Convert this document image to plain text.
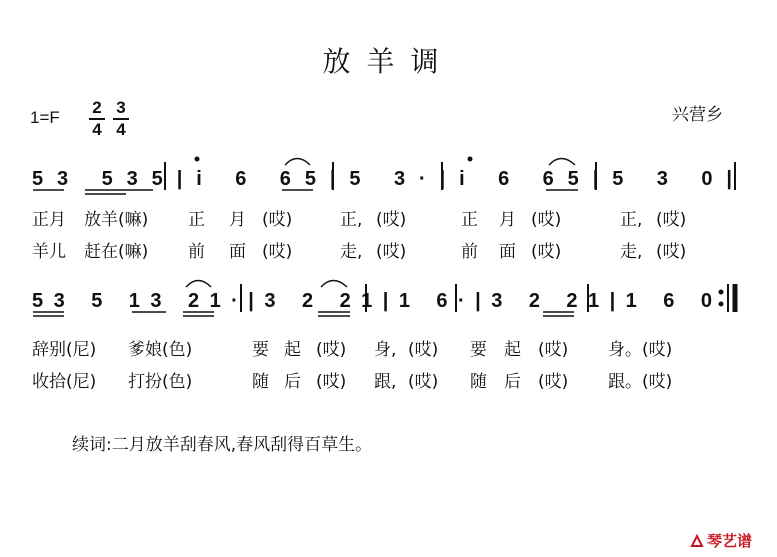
放羊调
1=F
2
4
3
4
兴营乡
53 535|i 6 65|5 3·|i 6 65|5 3 0|
53 5 13 21·|3 2 21|1 6·|3 2 21|1 6 0
正月 放羊(嘛) 正 月 (哎)	正, (哎)	正 月 (哎)	正, (哎)
羊儿 赶在(嘛) 前 面 (哎)	走, (哎)	前 面 (哎)	走, (哎)
辞别(尼) 爹娘(色)	要 起 (哎) 身, (哎) 要 起 (哎) 身。 (哎)
收拾(尼) 打扮(色)	随 后 (哎) 跟, (哎) 随 后 (哎) 跟。 (哎)
续词:二月放羊刮春风,春风刮得百草生。
琴艺谱
